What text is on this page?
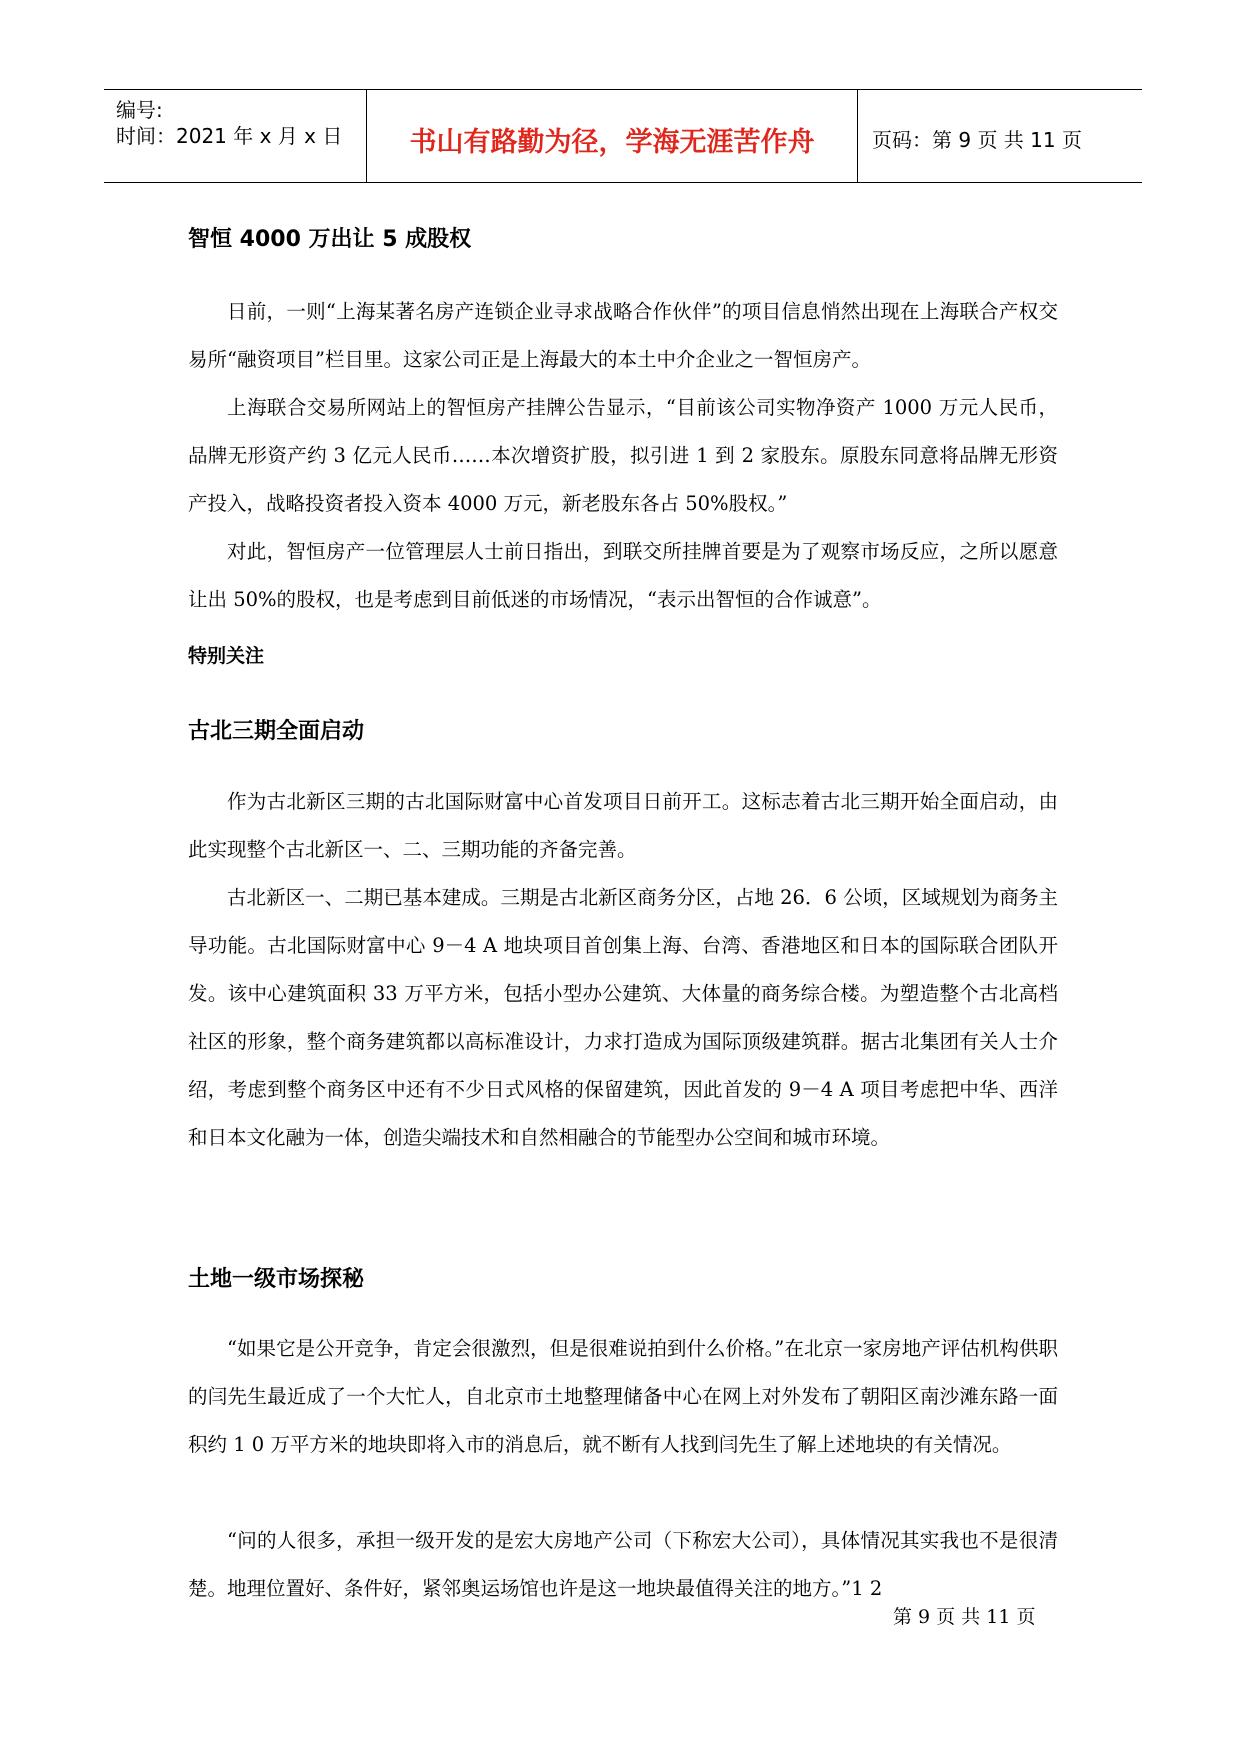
编号:
时间：2021 年 x 月 x 日	书山有路勤为径，学海无涯苦作舟	页码：第 9 页 共 11 页
智恒 4000 万出让 5 成股权
日前，一则“上海某著名房产连锁企业寻求战略合作伙伴”的项目信息悄然出现在上海联合产权交易所“融资项目”栏目里。这家公司正是上海最大的本土中介企业之一智恒房产。
上海联合交易所网站上的智恒房产挂牌公告显示，“目前该公司实物净资产 1000 万元人民币，品牌无形资产约 3 亿元人民币……本次增资扩股，拟引进 1 到 2 家股东。原股东同意将品牌无形资产投入，战略投资者投入资本 4000 万元，新老股东各占 50%股权。”
对此，智恒房产一位管理层人士前日指出，到联交所挂牌首要是为了观察市场反应，之所以愿意让出 50%的股权，也是考虑到目前低迷的市场情况，“表示出智恒的合作诚意”。
特别关注
古北三期全面启动
作为古北新区三期的古北国际财富中心首发项目日前开工。这标志着古北三期开始全面启动，由此实现整个古北新区一、二、三期功能的齐备完善。
古北新区一、二期已基本建成。三期是古北新区商务分区，占地 26．6 公顷，区域规划为商务主导功能。古北国际财富中心 9－4 A 地块项目首创集上海、台湾、香港地区和日本的国际联合团队开发。该中心建筑面积 33 万平方米，包括小型办公建筑、大体量的商务综合楼。为塑造整个古北高档社区的形象，整个商务建筑都以高标准设计，力求打造成为国际顶级建筑群。据古北集团有关人士介绍，考虑到整个商务区中还有不少日式风格的保留建筑，因此首发的 9－4 A 项目考虑把中华、西洋和日本文化融为一体，创造尖端技术和自然相融合的节能型办公空间和城市环境。
土地一级市场探秘
“如果它是公开竞争，肯定会很激烈，但是很难说拍到什么价格。”在北京一家房地产评估机构供职的闫先生最近成了一个大忙人，自北京市土地整理储备中心在网上对外发布了朝阳区南沙滩东路一面积约 1 0 万平方米的地块即将入市的消息后，就不断有人找到闫先生了解上述地块的有关情况。
“问的人很多，承担一级开发的是宏大房地产公司（下称宏大公司），具体情况其实我也不是很清楚。地理位置好、条件好，紧邻奥运场馆也许是这一地块最值得关注的地方。”1 2
第 9 页 共 11 页
